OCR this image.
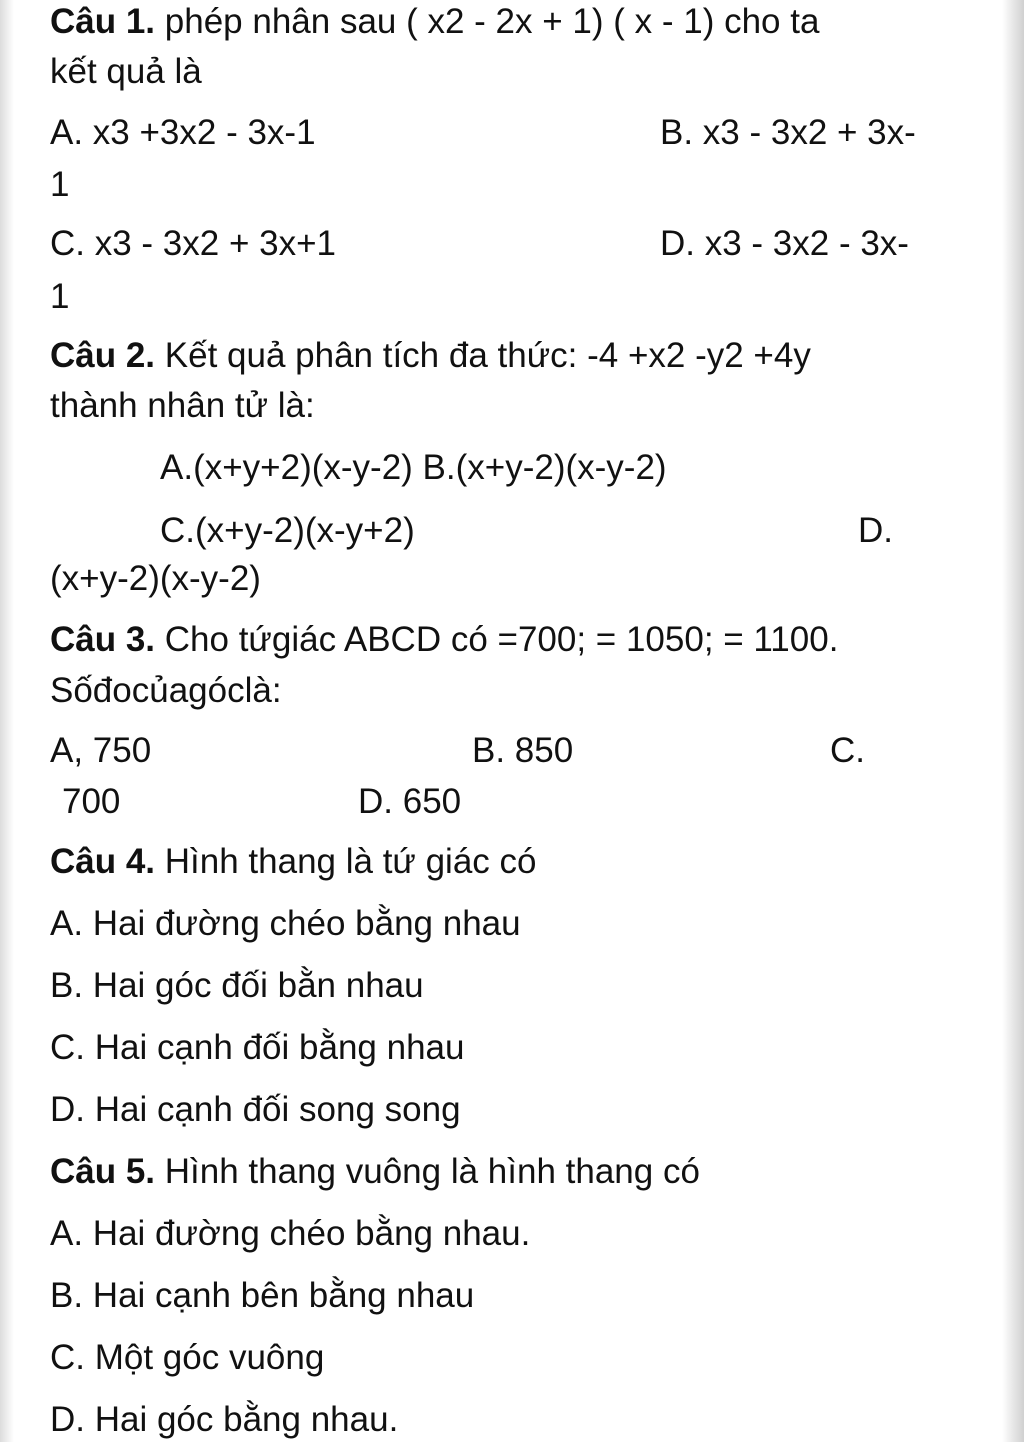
Câu 1. phép nhân sau ( x2 - 2x + 1) ( x - 1) cho ta
kết quả là
A. x3 +3x2 - 3x-1	B. x3 - 3x2 + 3x-
1
C. x3 - 3x2 + 3x+1	D. x3 - 3x2 - 3x-
1
Câu 2. Kết quả phân tích đa thức: -4 +x2 -y2 +4y
thành nhân tử là:
A.(x+y+2)(x-y-2) B.(x+y-2)(x-y-2)
C.(x+y-2)(x-y+2)	D.
(x+y-2)(x-y-2)
Câu 3. Cho tứgiác ABCD có =700; = 1050; = 1100.
Sốđocủagóclà:
A, 750	B. 850	C.
700	D. 650
Câu 4. Hình thang là tứ giác có
A. Hai đường chéo bằng nhau
B. Hai góc đối bằn nhau
C. Hai cạnh đối bằng nhau
D. Hai cạnh đối song song
Câu 5. Hình thang vuông là hình thang có
A. Hai đường chéo bằng nhau.
B. Hai cạnh bên bằng nhau
C. Một góc vuông
D. Hai góc bằng nhau.
